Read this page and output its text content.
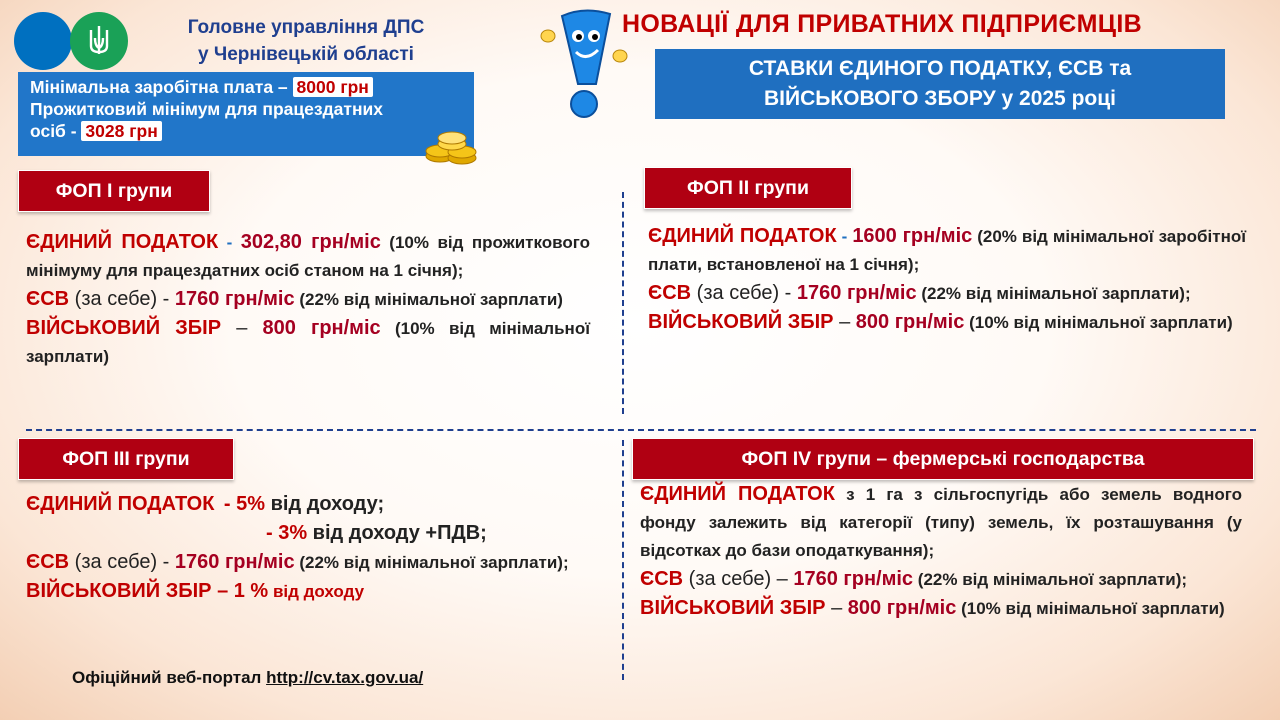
Головне управління ДПС
у Чернівецькій області
Мінімальна заробітна плата – 8000 грн
Прожитковий мінімум для працездатних
осіб - 3028 грн
НОВАЦІЇ ДЛЯ ПРИВАТНИХ ПІДПРИЄМЦІВ
СТАВКИ ЄДИНОГО ПОДАТКУ, ЄСВ та
ВІЙСЬКОВОГО ЗБОРУ у 2025 році
ФОП І групи
ЄДИНИЙ ПОДАТОК - 302,80 грн/міс (10% від прожиткового мінімуму для працездатних осіб станом на 1 січня);
ЄСВ (за себе) - 1760 грн/міс (22% від мінімальної зарплати)
ВІЙСЬКОВИЙ ЗБІР – 800 грн/міс (10% від мінімальної зарплати)
ФОП ІІ групи
ЄДИНИЙ ПОДАТОК - 1600 грн/міс (20% від мінімальної заробітної плати, встановленої на 1 січня);
ЄСВ (за себе) - 1760 грн/міс (22% від мінімальної зарплати);
ВІЙСЬКОВИЙ ЗБІР – 800 грн/міс (10% від мінімальної зарплати)
ФОП ІІІ групи
ЄДИНИЙ ПОДАТОК - 5% від доходу;
- 3% від доходу +ПДВ;
ЄСВ (за себе) - 1760 грн/міс (22% від мінімальної зарплати);
ВІЙСЬКОВИЙ ЗБІР – 1 % від доходу
ФОП ІV групи – фермерські господарства
ЄДИНИЙ ПОДАТОК з 1 га з сільгоспугідь або земель водного фонду залежить від категорії (типу) земель, їх розташування (у відсотках до бази оподаткування);
ЄСВ (за себе) – 1760 грн/міс (22% від мінімальної зарплати);
ВІЙСЬКОВИЙ ЗБІР – 800 грн/міс (10% від мінімальної зарплати)
Офіційний веб-портал http://cv.tax.gov.ua/
